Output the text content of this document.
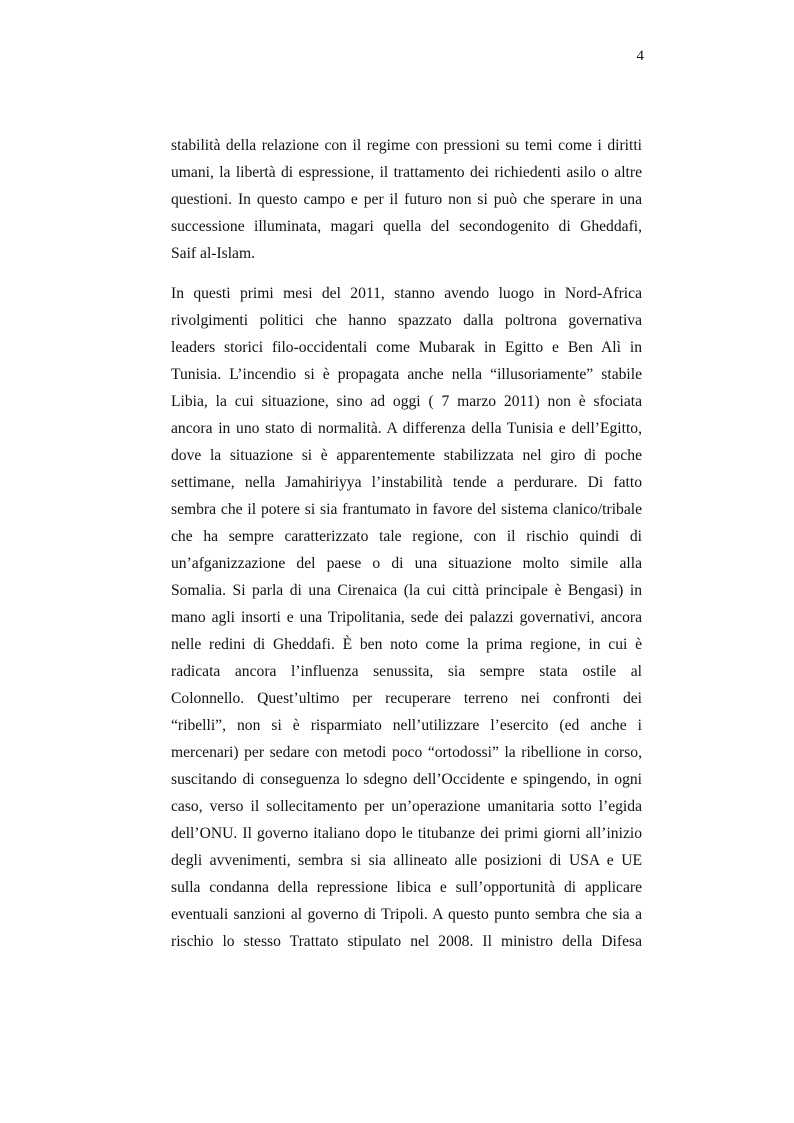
4

stabilità della relazione con il regime con pressioni su temi come i diritti
umani, la libertà di espressione, il trattamento dei richiedenti asilo o altre
questioni. In questo campo e per il futuro non si può che sperare in una
successione illuminata, magari quella del secondogenito di Gheddafi,
Saif al-Islam.

In questi primi mesi del 2011, stanno avendo luogo in Nord-Africa
rivolgimenti politici che hanno spazzato dalla poltrona governativa
leaders storici filo-occidentali come Mubarak in Egitto e Ben Alì in
Tunisia. L’incendio si è propagata anche nella “illusoriamente” stabile
Libia, la cui situazione, sino ad oggi ( 7 marzo 2011) non è sfociata
ancora in uno stato di normalità. A differenza della Tunisia e dell’Egitto,
dove la situazione si è apparentemente stabilizzata nel giro di poche
settimane, nella Jamahiriyya l’instabilità tende a perdurare. Di fatto
sembra che il potere si sia frantumato in favore del sistema clanico/tribale
che ha sempre caratterizzato tale regione, con il rischio quindi di
un’afganizzazione del paese o di una situazione molto simile alla
Somalia. Si parla di una Cirenaica (la cui città principale è Bengasi) in
mano agli insorti e una Tripolitania, sede dei palazzi governativi, ancora
nelle redini di Gheddafi. È ben noto come la prima regione, in cui è
radicata ancora l’influenza senussita, sia sempre stata ostile al
Colonnello. Quest’ultimo per recuperare terreno nei confronti dei
“ribelli”, non si è risparmiato nell’utilizzare l’esercito (ed anche i
mercenari) per sedare con metodi poco “ortodossi” la ribellione in corso,
suscitando di conseguenza lo sdegno dell’Occidente e spingendo, in ogni
caso, verso il sollecitamento per un’operazione umanitaria sotto l’egida
dell’ONU. Il governo italiano dopo le titubanze dei primi giorni all’inizio
degli avvenimenti, sembra si sia allineato alle posizioni di USA e UE
sulla condanna della repressione libica e sull’opportunità di applicare
eventuali sanzioni al governo di Tripoli. A questo punto sembra che sia a
rischio lo stesso Trattato stipulato nel 2008. Il ministro della Difesa
